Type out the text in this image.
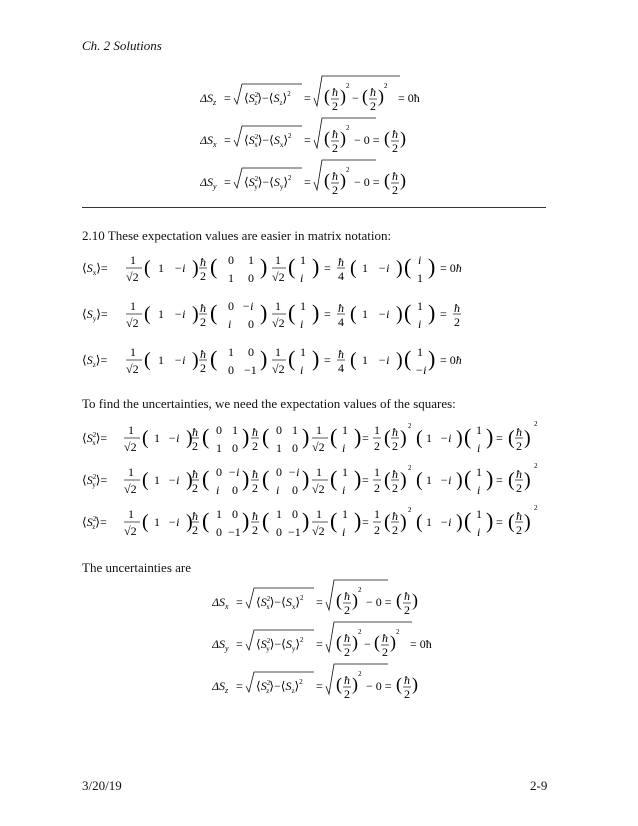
Ch. 2 Solutions
$\Delta S_z$ = $⟨S^2$ $z⟩-⟨S_z⟩^2$ = ( ħ
2 ) 2
− ( ħ
2 ) 2
= 0ħ
$\Delta S_x$ = $⟨S^2$ $x⟩-⟨S_x⟩^2$ = ( ħ
2 ) 2
− 0 = ( ħ
2 )
$\Delta S_y$ = $⟨S^2$ $y⟩-⟨S_y⟩^2$ = ( ħ
2 ) 2
− 0 = ( ħ
2 )
2.10 These expectation values are easier in matrix notation:
$⟨S_x⟩=$
1
√2 ( 1 −i ) ħ
2 ( 0 1
1 0 ) 1
√2 ( 1
i ) = ħ
4 ( 1 −i ) ( i
1 ) = 0ħ
$⟨S_y⟩=$
1
√2 ( 1 −i ) ħ
2 ( 0 −i
i 0 ) 1
√2 ( 1
i ) = ħ
4 ( 1 −i ) ( 1
i ) = ħ
2
$⟨S_z⟩=$
1
√2 ( 1 −i ) ħ
2 ( 1 0
0 −1 ) 1
√2 ( 1
i ) = ħ
4 ( 1 −i ) ( 1
−i ) = 0ħ
To find the uncertainties, we need the expectation values of the squares:
$⟨S^2$ x⟩=
1
√2 ( 1 −i ) ħ
2 ( 0 1
1 0 ) ħ
2 ( 0 1
1 0 ) 1
√2 ( 1
i ) =
1
2 ( ħ
2 )
2
( 1 −i ) ( 1
i ) = ( ħ
2 )
2
$⟨S^2$ y⟩=
1
√2 ( 1 −i ) ħ
2 ( 0 −i
i 0 ) ħ
2 ( 0 −i
i 0 ) 1
√2 ( 1
i ) =
1
2 ( ħ
2 )
2
( 1 −i ) ( 1
i ) = ( ħ
2 )
2
$⟨S^2$ z⟩=
1
√2 ( 1 −i ) ħ
2 ( 1 0
0 −1 ) ħ
2 ( 1 0
0 −1 ) 1
√2 ( 1
i ) =
1
2 ( ħ
2 )
2
( 1 −i ) ( 1
i ) = ( ħ
2 )
2
The uncertainties are
$\Delta S_x$ = $⟨S^2$ $x⟩-⟨S_x⟩^2$ = ( ħ
2 ) 2
− 0 = ( ħ
2 )
$\Delta S_y$ = $⟨S^2$ $y⟩-⟨S_y⟩^2$ = ( ħ
2 ) 2
− ( ħ
2 ) 2
= 0ħ
$\Delta S_z$ = $⟨S^2$ $z⟩-⟨S_z⟩^2$ = ( ħ
2 ) 2
− 0 = ( ħ
2 )
3/20/19	2-9
